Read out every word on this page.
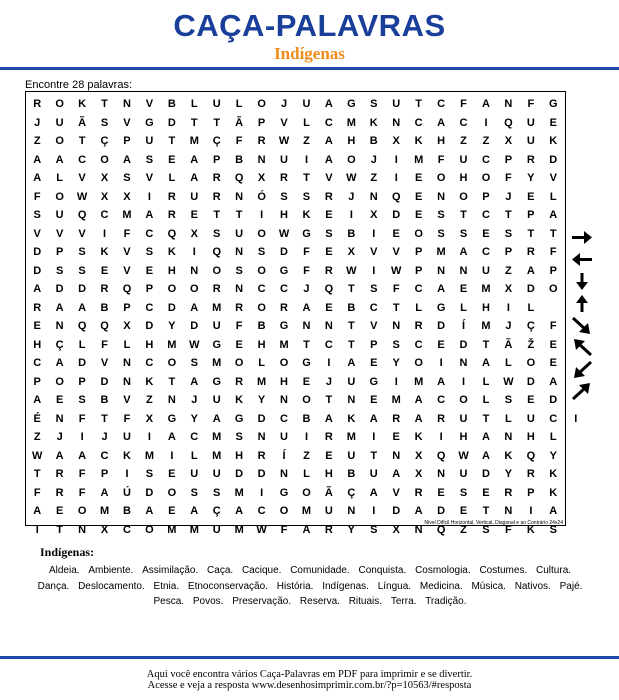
CAÇA-PALAVRAS
Indígenas
Encontre 28 palavras:
R	O	K	T	N	V	B	L	U	L	O	J	U	A	G	S	U	T	C	F	A	N	F	G
J	U	Ã	S	V	G	D	T	T	Ã	P	V	L	C	M	K	N	C	A	C	I	Q	U	E
Z	O	T	Ç	P	U	T	M	Ç	F	R	W	Z	A	H	B	X	K	H	Z	Z	X	U	K
A	A	C	O	A	S	E	A	P	B	N	U	I	A	O	J	I	M	F	U	C	P	R	D
A	L	V	X	S	V	L	A	R	Q	X	R	T	V	W	Z	I	E	O	H	O	F	Y	V
F	O	W	X	X	I	R	U	R	N	Ó	S	S	R	J	N	Q	E	N	O	P	J	E	L
S	U	Q	C	M	A	R	E	T	T	I	H	K	E	I	X	D	E	S	T	C	T	P	A
V	V	V	I	F	C	Q	X	S	U	O	W	G	S	B	I	E	O	S	S	E	S	T	T
D	P	S	K	V	S	K	I	Q	N	S	D	F	E	X	V	V	P	M	A	C	P	R	F
D	S	S	E	V	E	H	N	O	S	O	G	F	R	W	I	W	P	N	N	U	Z	A	P
A	D	D	R	Q	P	O	O	R	N	C	C	J	Q	T	S	F	C	A	E	M	X	D	O
R	A	A	B	P	C	D	A	M	R	O	R	A	E	B	C	T	L	G	L	H	I	L
E	N	Q	Q	X	D	Y	D	U	F	B	G	N	N	T	V	N	R	D	Í	M	J	Ç	F
H	Ç	L	F	L	H	M	W	G	E	H	M	T	C	T	P	S	C	E	D	T	Ã	Ž	E
C	A	D	V	N	C	O	S	M	O	L	O	G	I	A	E	Y	O	I	N	A	L	O	E
P	O	P	D	N	K	T	A	G	R	M	H	E	J	U	G	I	M	A	I	L	W	D	A
A	E	S	B	V	Z	N	J	U	K	Y	N	O	T	N	E	M	A	C	O	L	S	E	D
É	N	F	T	F	X	G	Y	A	G	D	C	B	A	K	A	R	A	R	U	T	L	U	C	I
Z	J	I	J	U	I	A	C	M	S	N	U	I	R	M	I	E	K	I	H	A	N	H	L
W	A	A	C	K	M	I	L	M	H	R	Í	Z	E	U	T	N	X	Q	W	A	K	Q	Y
T	R	F	P	I	S	E	U	U	D	D	N	L	H	B	U	A	X	N	U	D	Y	R	K
F	R	F	A	Ú	D	O	S	S	M	I	G	O	Ã	Ç	A	V	R	E	S	E	R	P	K
A	E	O	M	B	A	E	A	Ç	A	C	O	M	U	N	I	D	A	D	E	T	N	I	A
I	T	N	X	C	O	M	M	U	M	W	F	A	R	Y	S	X	N	Q	Z	S	F	K	S
Nível Difícil Horizontal, Vertical, Diagonal e ao Contrário 24x24
Indígenas:
Aldeia. Ambiente. Assimilação. Caça. Cacique. Comunidade. Conquista. Cosmologia. Costumes. Cultura. Dança. Deslocamento. Etnia. Etnoconservação. História. Indígenas. Língua. Medicina. Música. Nativos. Pajé. Pesca. Povos. Preservação. Reserva. Rituais. Terra. Tradição.
Aqui você encontra vários Caça-Palavras em PDF para imprimir e se divertir.
Acesse e veja a resposta www.desenhosimprimir.com.br/?p=10563/#resposta
